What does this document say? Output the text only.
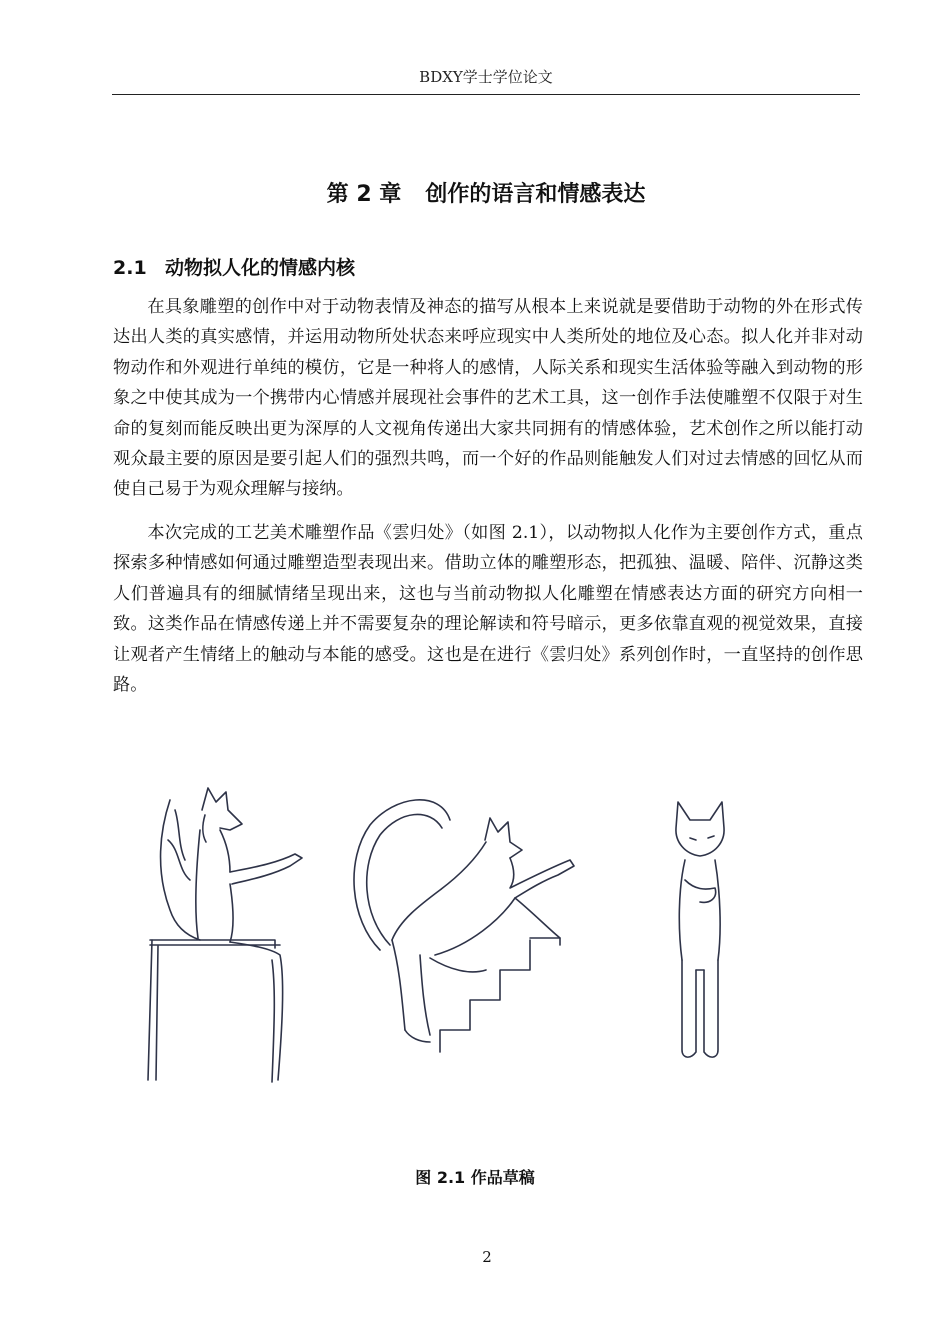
BDXY学士学位论文
第 2 章 创作的语言和情感表达
2.1 动物拟人化的情感内核

在具象雕塑的创作中对于动物表情及神态的描写从根本上来说就是要借助于动物的外在形式传达出人类的真实感情，并运用动物所处状态来呼应现实中人类所处的地位及心态。拟人化并非对动物动作和外观进行单纯的模仿，它是一种将人的感情，人际关系和现实生活体验等融入到动物的形象之中使其成为一个携带内心情感并展现社会事件的艺术工具，这一创作手法使雕塑不仅限于对生命的复刻而能反映出更为深厚的人文视角传递出大家共同拥有的情感体验，艺术创作之所以能打动观众最主要的原因是要引起人们的强烈共鸣，而一个好的作品则能触发人们对过去情感的回忆从而使自己易于为观众理解与接纳。

本次完成的工艺美术雕塑作品《雲归处》（如图 2.1），以动物拟人化作为主要创作方式，重点探索多种情感如何通过雕塑造型表现出来。借助立体的雕塑形态，把孤独、温暖、陪伴、沉静这类人们普遍具有的细腻情绪呈现出来，这也与当前动物拟人化雕塑在情感表达方面的研究方向相一致。这类作品在情感传递上并不需要复杂的理论解读和符号暗示，更多依靠直观的视觉效果，直接让观者产生情绪上的触动与本能的感受。这也是在进行《雲归处》系列创作时，一直坚持的创作思路。

图 2.1 作品草稿
2
